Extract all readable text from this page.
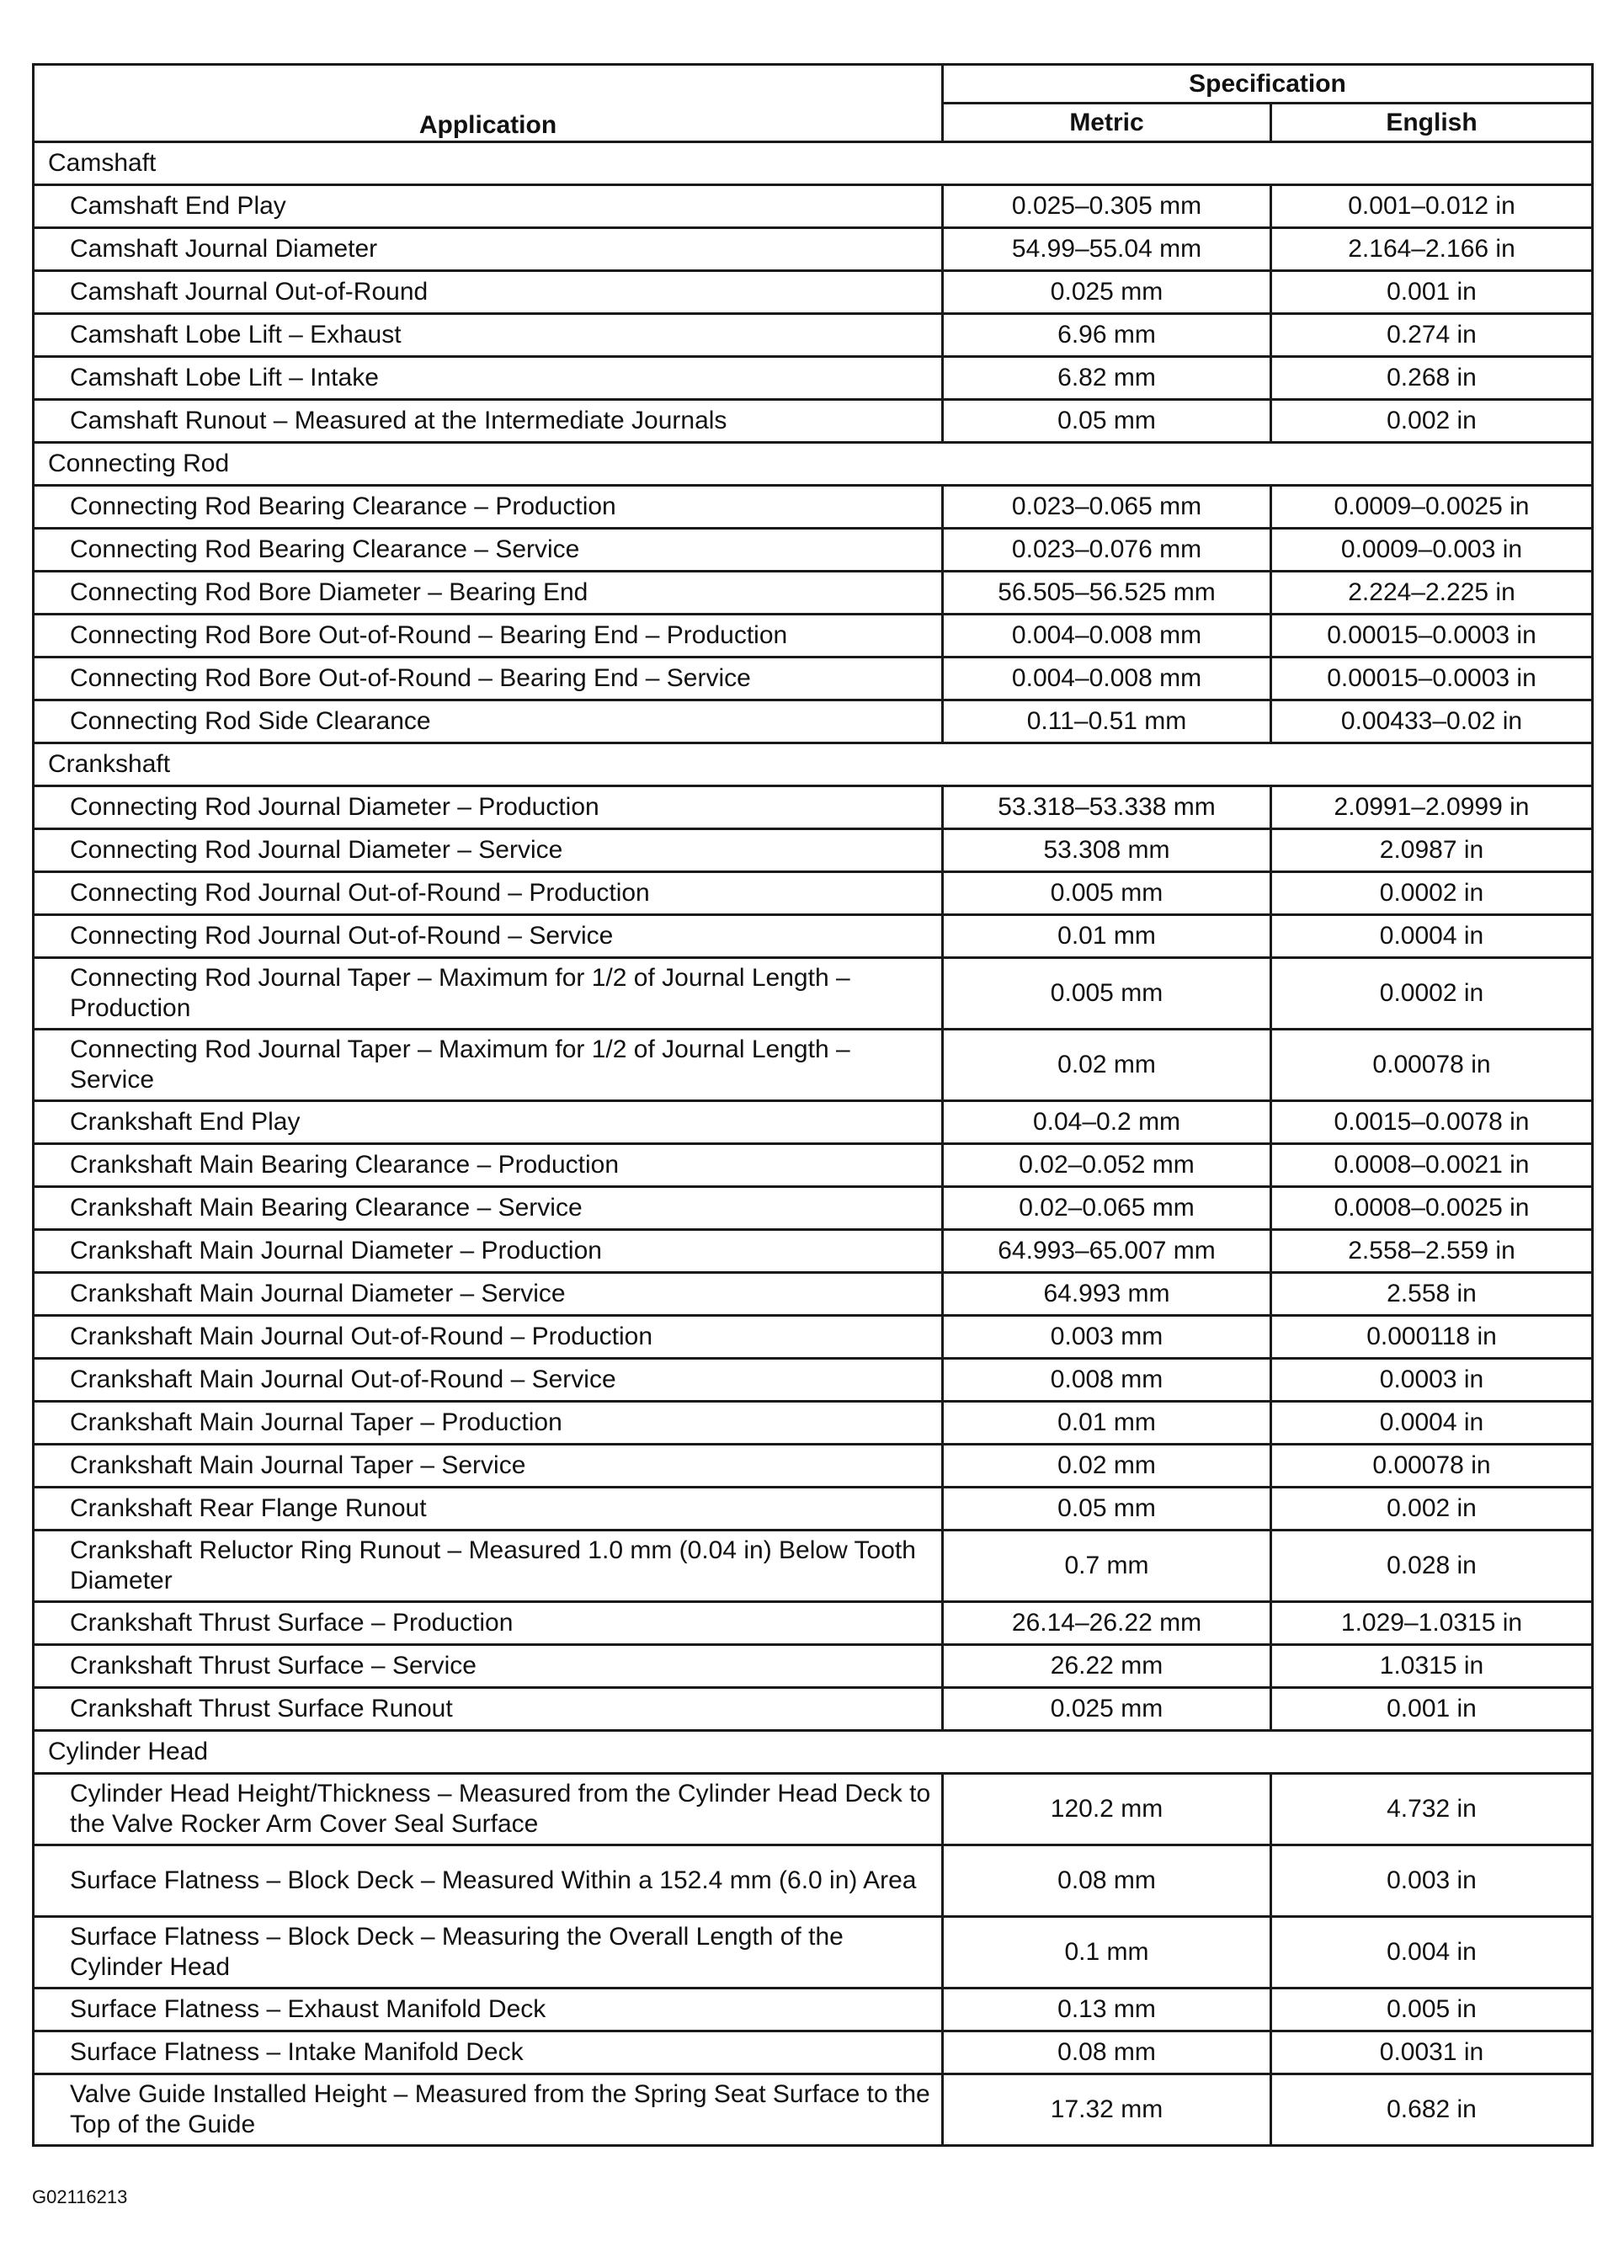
Application	Specification	
	Metric	English
Camshaft		
Camshaft End Play	0.025–0.305 mm	0.001–0.012 in
Camshaft Journal Diameter	54.99–55.04 mm	2.164–2.166 in
Camshaft Journal Out-of-Round	0.025 mm	0.001 in
Camshaft Lobe Lift – Exhaust	6.96 mm	0.274 in
Camshaft Lobe Lift – Intake	6.82 mm	0.268 in
Camshaft Runout – Measured at the Intermediate Journals	0.05 mm	0.002 in
Connecting Rod		
Connecting Rod Bearing Clearance – Production	0.023–0.065 mm	0.0009–0.0025 in
Connecting Rod Bearing Clearance – Service	0.023–0.076 mm	0.0009–0.003 in
Connecting Rod Bore Diameter – Bearing End	56.505–56.525 mm	2.224–2.225 in
Connecting Rod Bore Out-of-Round – Bearing End – Production	0.004–0.008 mm	0.00015–0.0003 in
Connecting Rod Bore Out-of-Round – Bearing End – Service	0.004–0.008 mm	0.00015–0.0003 in
Connecting Rod Side Clearance	0.11–0.51 mm	0.00433–0.02 in
Crankshaft		
Connecting Rod Journal Diameter – Production	53.318–53.338 mm	2.0991–2.0999 in
Connecting Rod Journal Diameter – Service	53.308 mm	2.0987 in
Connecting Rod Journal Out-of-Round – Production	0.005 mm	0.0002 in
Connecting Rod Journal Out-of-Round – Service	0.01 mm	0.0004 in
Connecting Rod Journal Taper – Maximum for 1/2 of Journal Length – Production	0.005 mm	0.0002 in
Connecting Rod Journal Taper – Maximum for 1/2 of Journal Length – Service	0.02 mm	0.00078 in
Crankshaft End Play	0.04–0.2 mm	0.0015–0.0078 in
Crankshaft Main Bearing Clearance – Production	0.02–0.052 mm	0.0008–0.0021 in
Crankshaft Main Bearing Clearance – Service	0.02–0.065 mm	0.0008–0.0025 in
Crankshaft Main Journal Diameter – Production	64.993–65.007 mm	2.558–2.559 in
Crankshaft Main Journal Diameter – Service	64.993 mm	2.558 in
Crankshaft Main Journal Out-of-Round – Production	0.003 mm	0.000118 in
Crankshaft Main Journal Out-of-Round – Service	0.008 mm	0.0003 in
Crankshaft Main Journal Taper – Production	0.01 mm	0.0004 in
Crankshaft Main Journal Taper – Service	0.02 mm	0.00078 in
Crankshaft Rear Flange Runout	0.05 mm	0.002 in
Crankshaft Reluctor Ring Runout – Measured 1.0 mm (0.04 in) Below Tooth Diameter	0.7 mm	0.028 in
Crankshaft Thrust Surface – Production	26.14–26.22 mm	1.029–1.0315 in
Crankshaft Thrust Surface – Service	26.22 mm	1.0315 in
Crankshaft Thrust Surface Runout	0.025 mm	0.001 in
Cylinder Head		
Cylinder Head Height/Thickness – Measured from the Cylinder Head Deck to the Valve Rocker Arm Cover Seal Surface	120.2 mm	4.732 in
Surface Flatness – Block Deck – Measured Within a 152.4 mm (6.0 in) Area	0.08 mm	0.003 in
Surface Flatness – Block Deck – Measuring the Overall Length of the Cylinder Head	0.1 mm	0.004 in
Surface Flatness – Exhaust Manifold Deck	0.13 mm	0.005 in
Surface Flatness – Intake Manifold Deck	0.08 mm	0.0031 in
Valve Guide Installed Height – Measured from the Spring Seat Surface to the Top of the Guide	17.32 mm	0.682 in
G02116213
